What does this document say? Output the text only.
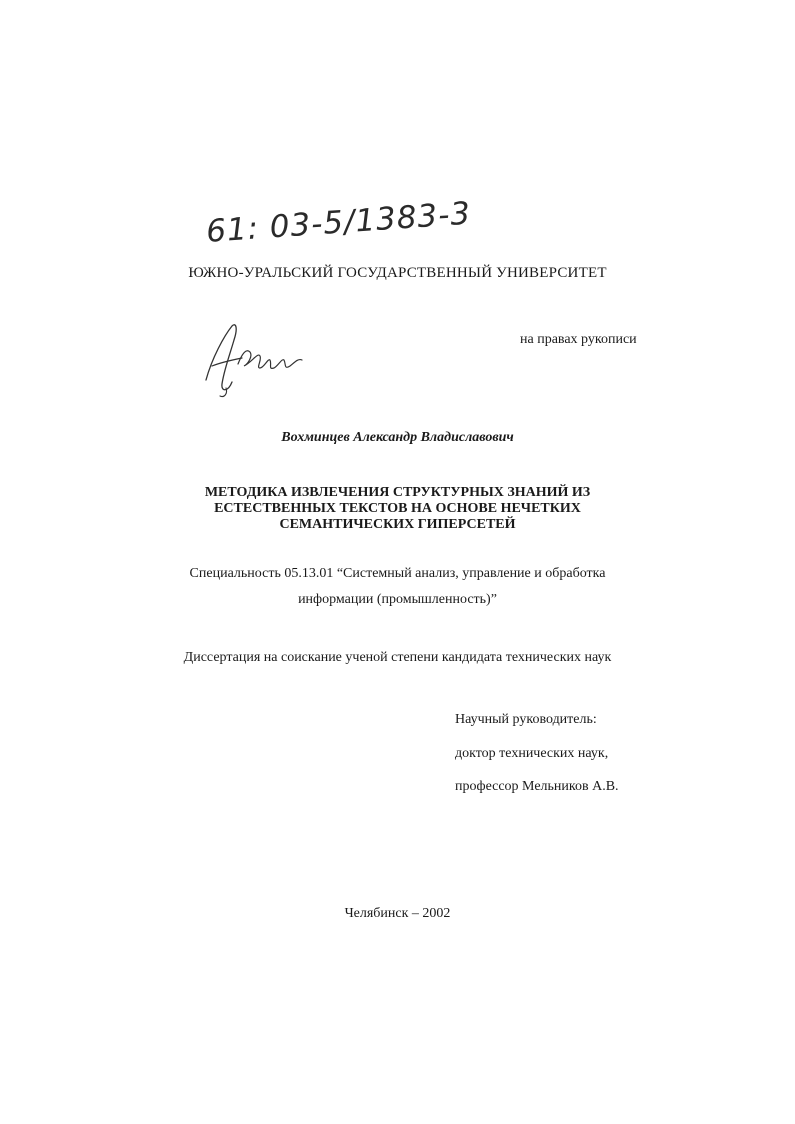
61: 03-5/1383-3
ЮЖНО-УРАЛЬСКИЙ ГОСУДАРСТВЕННЫЙ УНИВЕРСИТЕТ
на правах рукописи
Вохминцев Александр Владиславович
МЕТОДИКА ИЗВЛЕЧЕНИЯ СТРУКТУРНЫХ ЗНАНИЙ ИЗ
ЕСТЕСТВЕННЫХ ТЕКСТОВ НА ОСНОВЕ НЕЧЕТКИХ
СЕМАНТИЧЕСКИХ ГИПЕРСЕТЕЙ
Специальность 05.13.01 “Системный анализ, управление и обработка
информации (промышленность)”
Диссертация на соискание ученой степени кандидата технических наук
Научный руководитель:
доктор технических наук,
профессор Мельников А.В.
Челябинск – 2002
